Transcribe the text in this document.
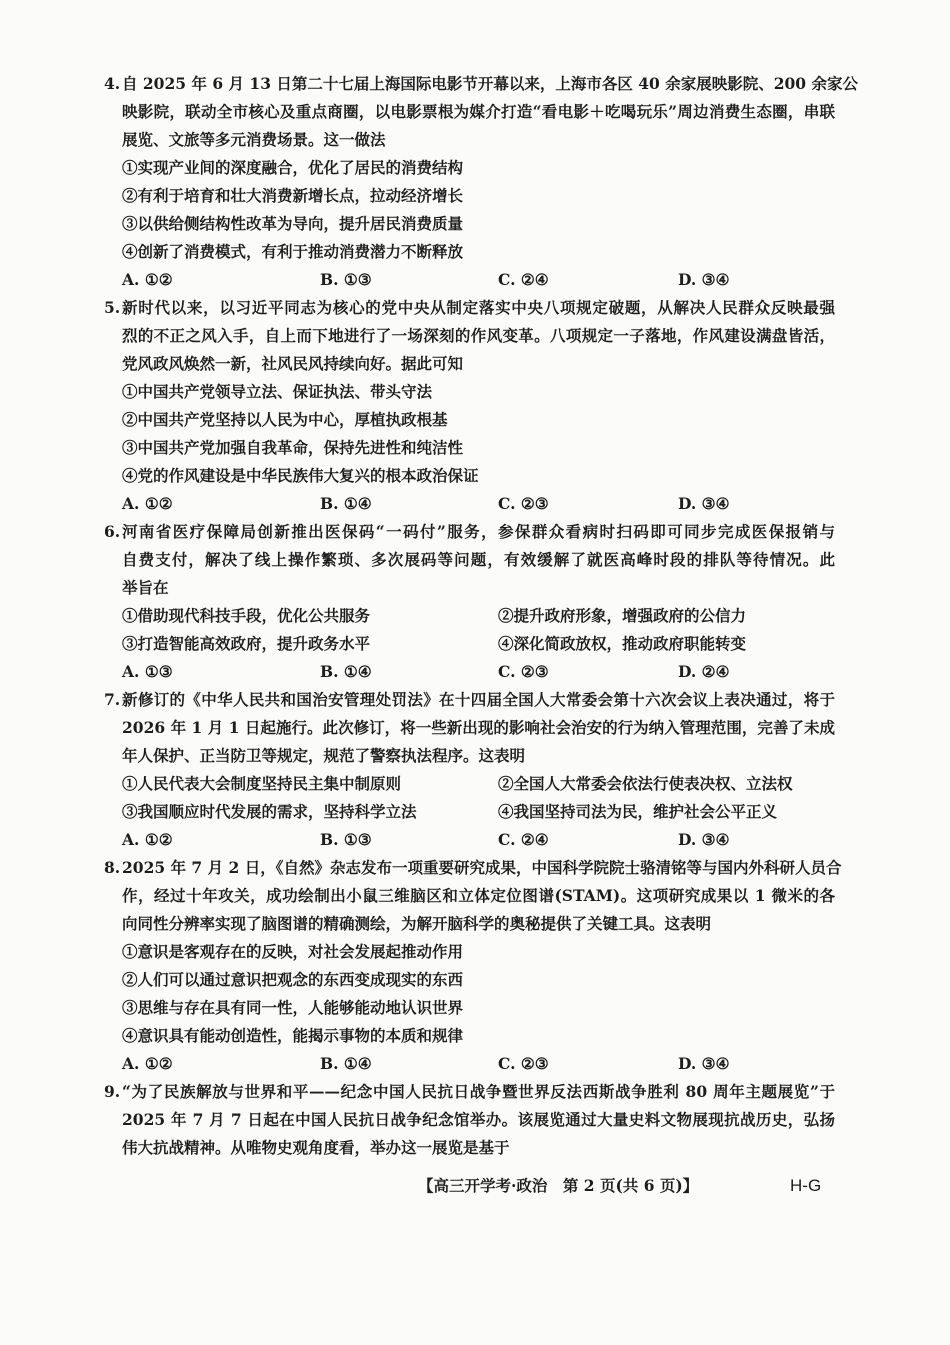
4. 自 2025 年 6 月 13 日第二十七届上海国际电影节开幕以来，上海市各区 40 余家展映影院、200 余家公
映影院，联动全市核心及重点商圈，以电影票根为媒介打造“看电影＋吃喝玩乐”周边消费生态圈，串联
展览、文旅等多元消费场景。这一做法
①实现产业间的深度融合，优化了居民的消费结构
②有利于培育和壮大消费新增长点，拉动经济增长
③以供给侧结构性改革为导向，提升居民消费质量
④创新了消费模式，有利于推动消费潜力不断释放
A. ①②	B. ①③	C. ②④	D. ③④
5. 新时代以来，以习近平同志为核心的党中央从制定落实中央八项规定破题，从解决人民群众反映最强
烈的不正之风入手，自上而下地进行了一场深刻的作风变革。八项规定一子落地，作风建设满盘皆活，
党风政风焕然一新，社风民风持续向好。据此可知
①中国共产党领导立法、保证执法、带头守法
②中国共产党坚持以人民为中心，厚植执政根基
③中国共产党加强自我革命，保持先进性和纯洁性
④党的作风建设是中华民族伟大复兴的根本政治保证
A. ①②	B. ①④	C. ②③	D. ③④
6. 河南省医疗保障局创新推出医保码“一码付”服务，参保群众看病时扫码即可同步完成医保报销与
自费支付，解决了线上操作繁琐、多次展码等问题，有效缓解了就医高峰时段的排队等待情况。此
举旨在
①借助现代科技手段，优化公共服务	②提升政府形象，增强政府的公信力
③打造智能高效政府，提升政务水平	④深化简政放权，推动政府职能转变
A. ①③	B. ①④	C. ②③	D. ②④
7. 新修订的《中华人民共和国治安管理处罚法》在十四届全国人大常委会第十六次会议上表决通过，将于
2026 年 1 月 1 日起施行。此次修订，将一些新出现的影响社会治安的行为纳入管理范围，完善了未成
年人保护、正当防卫等规定，规范了警察执法程序。这表明
①人民代表大会制度坚持民主集中制原则	②全国人大常委会依法行使表决权、立法权
③我国顺应时代发展的需求，坚持科学立法	④我国坚持司法为民，维护社会公平正义
A. ①②	B. ①③	C. ②④	D. ③④
8. 2025 年 7 月 2 日，《自然》杂志发布一项重要研究成果，中国科学院院士骆清铭等与国内外科研人员合
作，经过十年攻关，成功绘制出小鼠三维脑区和立体定位图谱(STAM)。这项研究成果以 1 微米的各
向同性分辨率实现了脑图谱的精确测绘，为解开脑科学的奥秘提供了关键工具。这表明
①意识是客观存在的反映，对社会发展起推动作用
②人们可以通过意识把观念的东西变成现实的东西
③思维与存在具有同一性，人能够能动地认识世界
④意识具有能动创造性，能揭示事物的本质和规律
A. ①②	B. ①④	C. ②③	D. ③④
9. “为了民族解放与世界和平——纪念中国人民抗日战争暨世界反法西斯战争胜利 80 周年主题展览”于
2025 年 7 月 7 日起在中国人民抗日战争纪念馆举办。该展览通过大量史料文物展现抗战历史，弘扬
伟大抗战精神。从唯物史观角度看，举办这一展览是基于
【高三开学考·政治　第 2 页(共 6 页)】	H-G
